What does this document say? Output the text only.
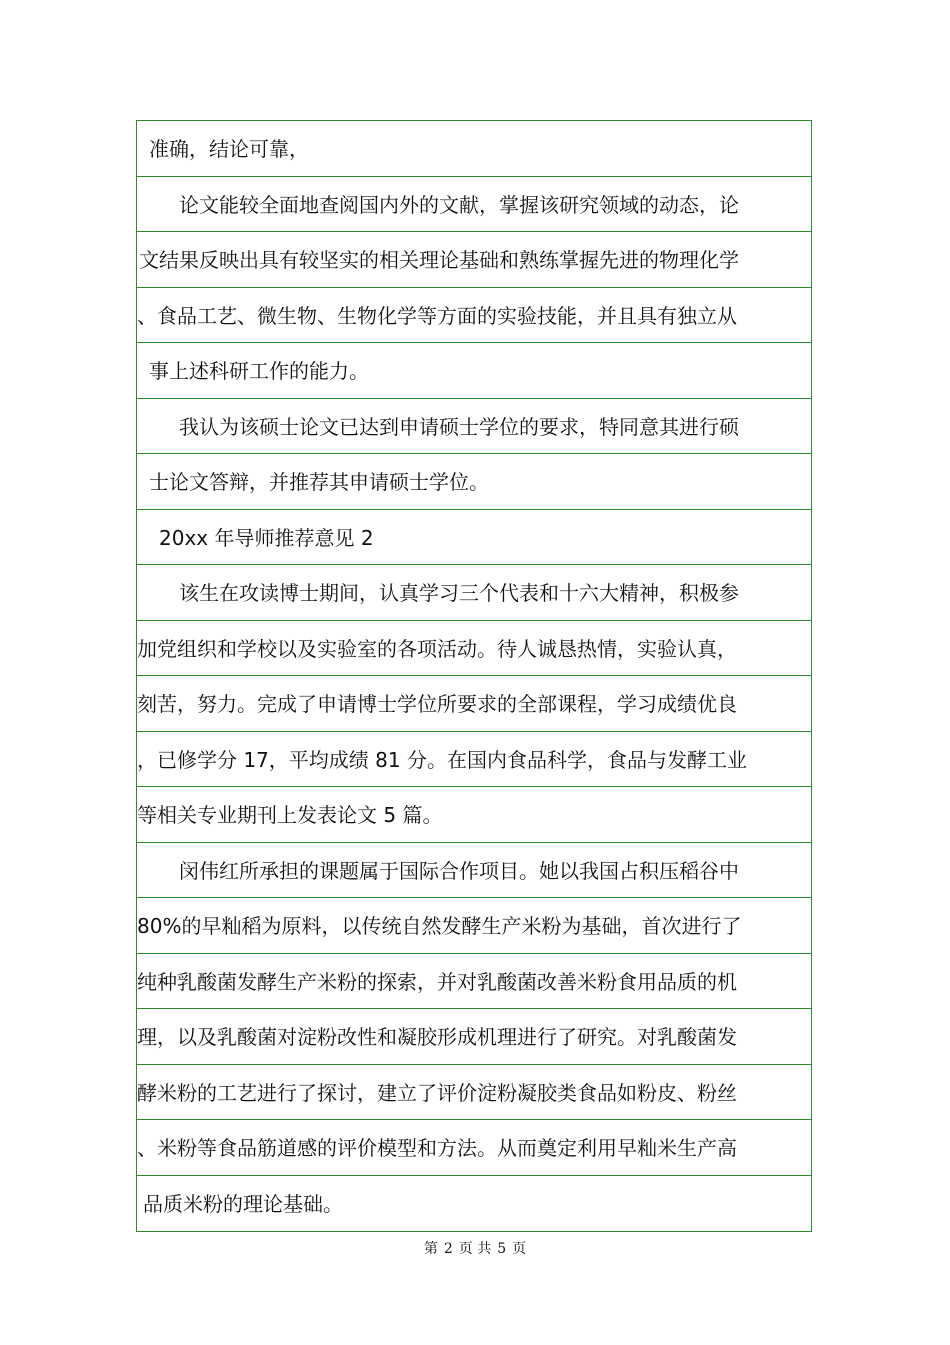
准确，结论可靠，
论文能较全面地查阅国内外的文献，掌握该研究领域的动态，论
文结果反映出具有较坚实的相关理论基础和熟练掌握先进的物理化学
、食品工艺、微生物、生物化学等方面的实验技能，并且具有独立从
事上述科研工作的能力。
我认为该硕士论文已达到申请硕士学位的要求，特同意其进行硕
士论文答辩，并推荐其申请硕士学位。
20xx 年导师推荐意见 2
该生在攻读博士期间，认真学习三个代表和十六大精神，积极参
加党组织和学校以及实验室的各项活动。待人诚恳热情，实验认真，
刻苦，努力。完成了申请博士学位所要求的全部课程，学习成绩优良
，已修学分 17，平均成绩 81 分。在国内食品科学，食品与发酵工业
等相关专业期刊上发表论文 5 篇。
闵伟红所承担的课题属于国际合作项目。她以我国占积压稻谷中
80%的早籼稻为原料，以传统自然发酵生产米粉为基础，首次进行了
纯种乳酸菌发酵生产米粉的探索，并对乳酸菌改善米粉食用品质的机
理，以及乳酸菌对淀粉改性和凝胶形成机理进行了研究。对乳酸菌发
酵米粉的工艺进行了探讨，建立了评价淀粉凝胶类食品如粉皮、粉丝
、米粉等食品筋道感的评价模型和方法。从而奠定利用早籼米生产高
品质米粉的理论基础。
第 2 页 共 5 页
